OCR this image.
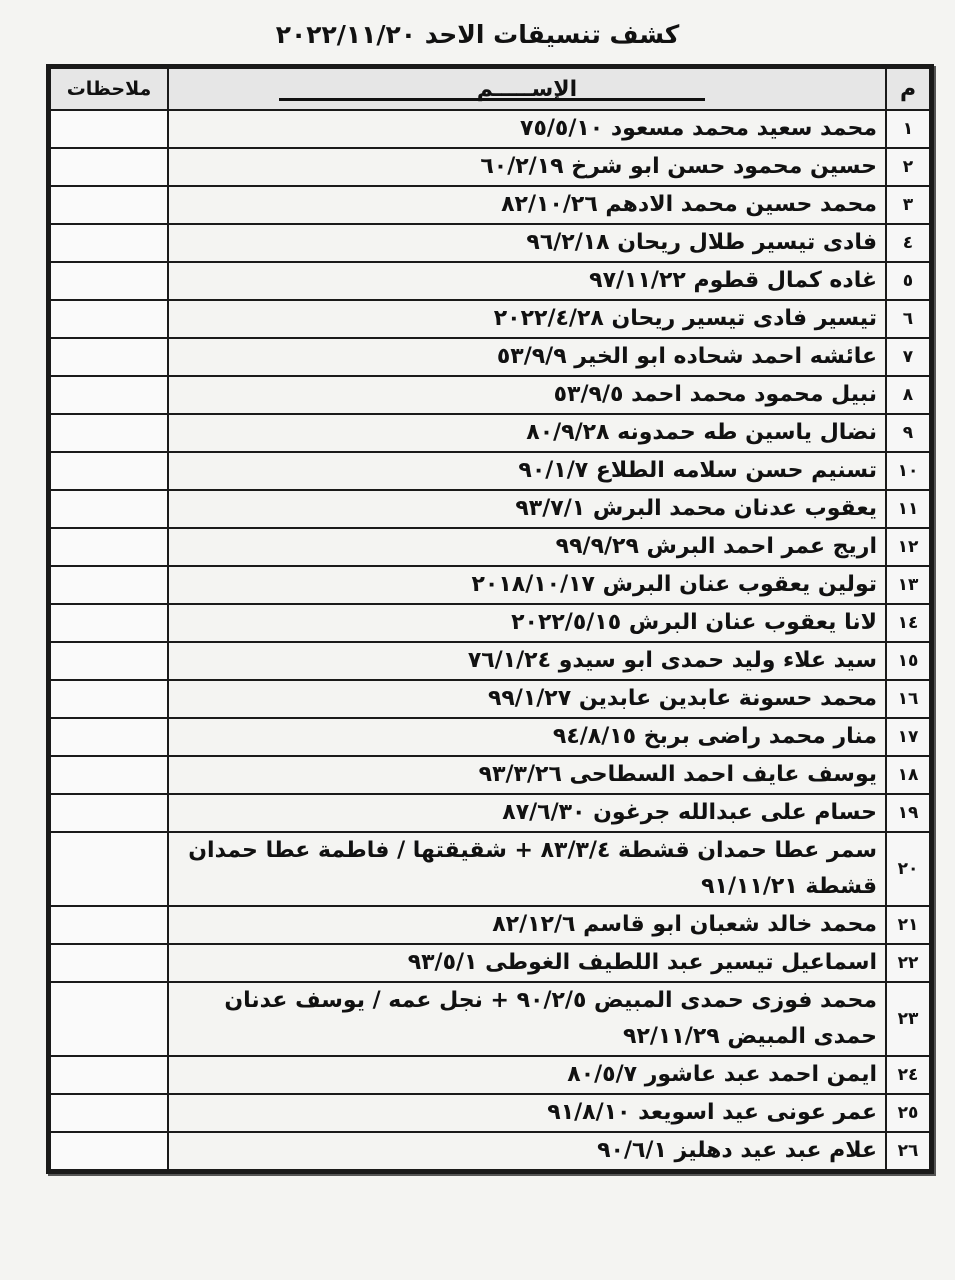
كشف تنسيقات الاحد ٢٠٢٢/١١/٢٠
م	الإســـــم	ملاحظات
١	محمد سعيد محمد مسعود ٧٥/٥/١٠	
٢	حسين محمود حسن ابو شرخ ٦٠/٢/١٩	
٣	محمد حسين محمد الادهم ٨٢/١٠/٢٦	
٤	فادى تيسير طلال ريحان ٩٦/٢/١٨	
٥	غاده كمال قطوم ٩٧/١١/٢٢	
٦	تيسير فادى تيسير ريحان ٢٠٢٢/٤/٢٨	
٧	عائشه احمد شحاده ابو الخير ٥٣/٩/٩	
٨	نبيل محمود محمد احمد ٥٣/٩/٥	
٩	نضال ياسين طه حمدونه ٨٠/٩/٢٨	
١٠	تسنيم حسن سلامه الطلاع ٩٠/١/٧	
١١	يعقوب عدنان محمد البرش ٩٣/٧/١	
١٢	اريج عمر احمد البرش ٩٩/٩/٢٩	
١٣	تولين يعقوب عنان البرش ٢٠١٨/١٠/١٧	
١٤	لانا يعقوب عنان البرش ٢٠٢٢/٥/١٥	
١٥	سيد علاء وليد حمدى ابو سيدو ٧٦/١/٢٤	
١٦	محمد حسونة عابدين عابدين ٩٩/١/٢٧	
١٧	منار محمد راضى بربخ ٩٤/٨/١٥	
١٨	يوسف عايف احمد السطاحى ٩٣/٣/٢٦	
١٩	حسام على عبدالله جرغون ٨٧/٦/٣٠	
٢٠	سمر عطا حمدان قشطة ٨٣/٣/٤ + شقيقتها / فاطمة عطا حمدان قشطة ٩١/١١/٢١	
٢١	محمد خالد شعبان ابو قاسم ٨٢/١٢/٦	
٢٢	اسماعيل تيسير عبد اللطيف الغوطى ٩٣/٥/١	
٢٣	محمد فوزى حمدى المبيض ٩٠/٢/٥ + نجل عمه / يوسف عدنان حمدى المبيض ٩٢/١١/٢٩	
٢٤	ايمن احمد عبد عاشور ٨٠/٥/٧	
٢٥	عمر عونى عيد اسويعد ٩١/٨/١٠	
٢٦	علام عبد عيد دهليز ٩٠/٦/١	
